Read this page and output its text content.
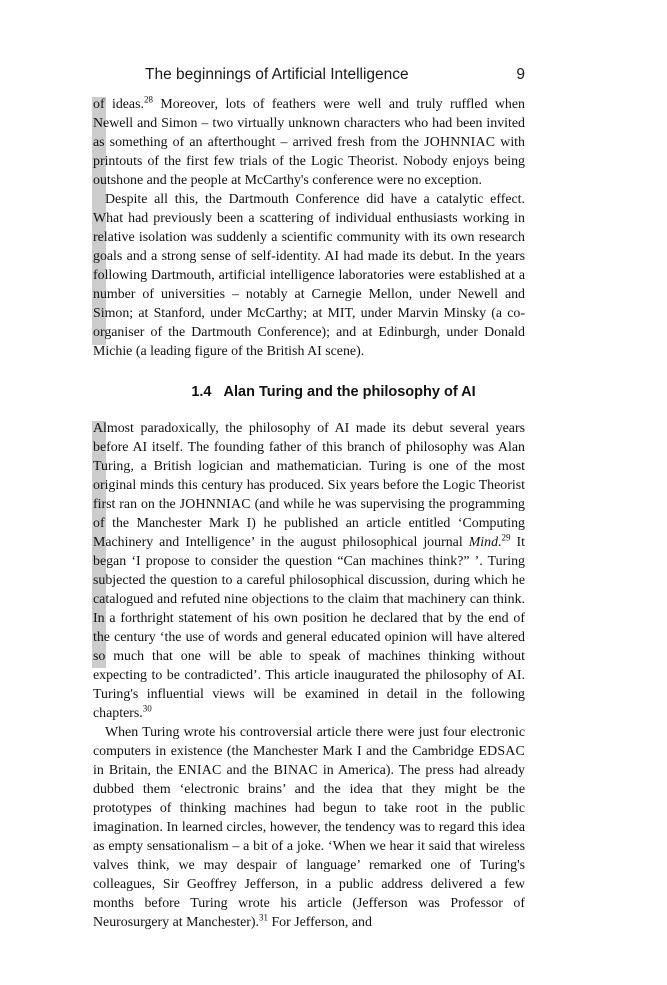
The beginnings of Artificial Intelligence	9

of ideas.$^{28}$ Moreover, lots of feathers were well and truly ruffled when Newell and Simon – two virtually unknown characters who had been invited as something of an afterthought – arrived fresh from the JOHNNIAC with printouts of the first few trials of the Logic Theorist. Nobody enjoys being outshone and the people at McCarthy's conference were no exception.

Despite all this, the Dartmouth Conference did have a catalytic effect. What had previously been a scattering of individual enthusiasts working in relative isolation was suddenly a scientific community with its own research goals and a strong sense of self-identity. AI had made its debut. In the years following Dartmouth, artificial intelligence laboratories were established at a number of universities – notably at Carnegie Mellon, under Newell and Simon; at Stanford, under McCarthy; at MIT, under Marvin Minsky (a co-organiser of the Dartmouth Conference); and at Edinburgh, under Donald Michie (a leading figure of the British AI scene).

1.4 Alan Turing and the philosophy of AI

Almost paradoxically, the philosophy of AI made its debut several years before AI itself. The founding father of this branch of philosophy was Alan Turing, a British logician and mathematician. Turing is one of the most original minds this century has produced. Six years before the Logic Theorist first ran on the JOHNNIAC (and while he was supervising the programming of the Manchester Mark I) he published an article entitled ‘Computing Machinery and Intelligence’ in the august philosophical journal Mind.$^{29}$ It began ‘I propose to consider the question “Can machines think?” ’. Turing subjected the question to a careful philosophical discussion, during which he catalogued and refuted nine objections to the claim that machinery can think. In a forthright statement of his own position he declared that by the end of the century ‘the use of words and general educated opinion will have altered so much that one will be able to speak of machines thinking without expecting to be contradicted’. This article inaugurated the philosophy of AI. Turing's influential views will be examined in detail in the following chapters.$^{30}$

When Turing wrote his controversial article there were just four electronic computers in existence (the Manchester Mark I and the Cambridge EDSAC in Britain, the ENIAC and the BINAC in America). The press had already dubbed them ‘electronic brains’ and the idea that they might be the prototypes of thinking machines had begun to take root in the public imagination. In learned circles, however, the tendency was to regard this idea as empty sensationalism – a bit of a joke. ‘When we hear it said that wireless valves think, we may despair of language’ remarked one of Turing's colleagues, Sir Geoffrey Jefferson, in a public address delivered a few months before Turing wrote his article (Jefferson was Professor of Neurosurgery at Manchester).$^{31}$ For Jefferson, and
